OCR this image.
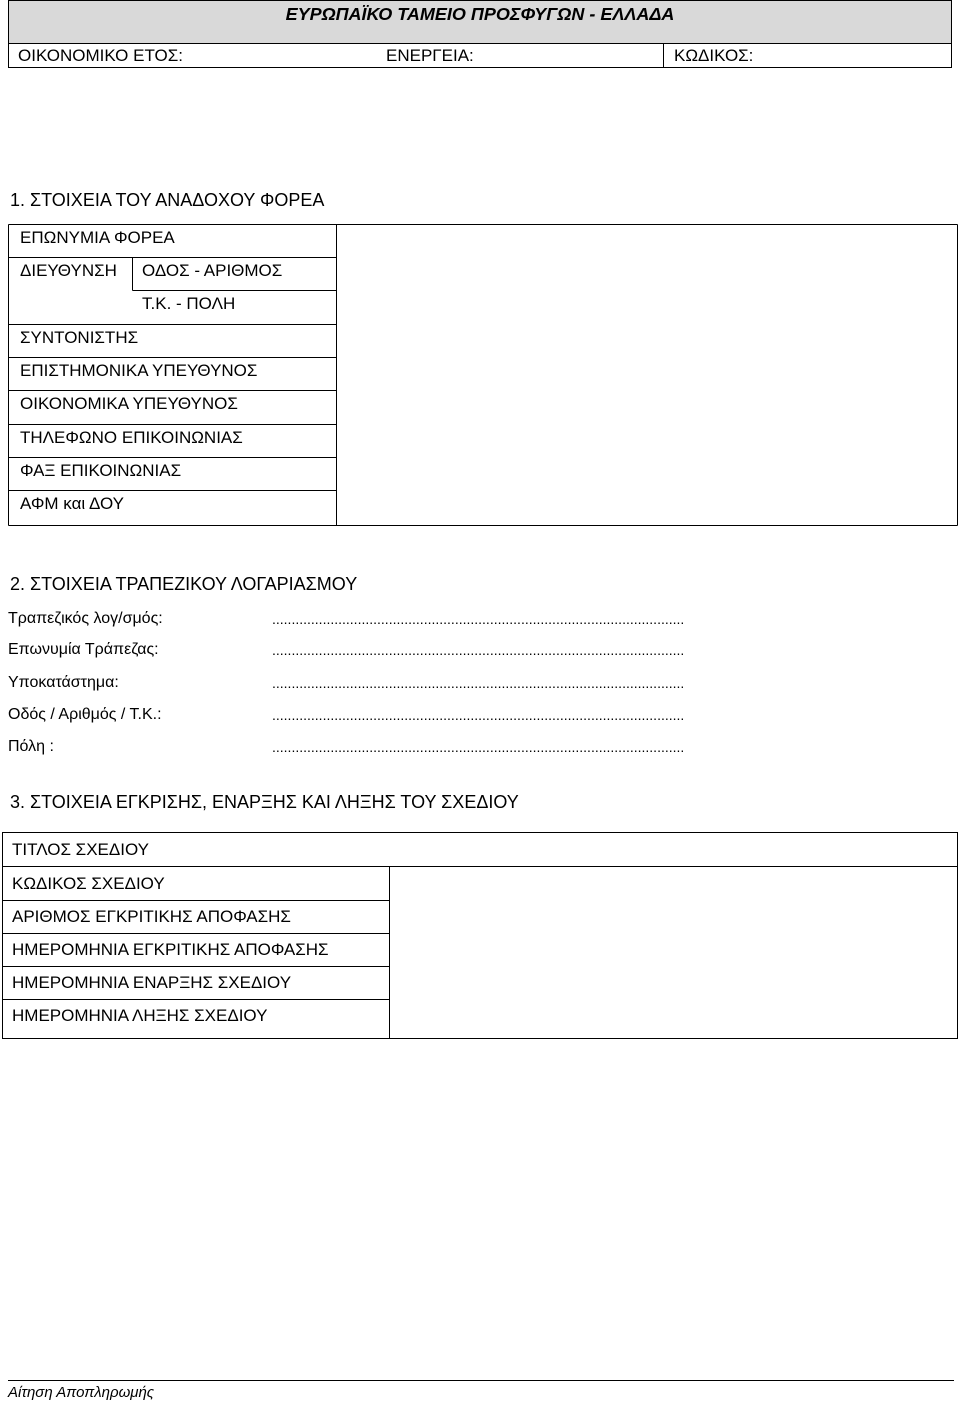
ΕΥΡΩΠΑΪΚΟ ΤΑΜΕΙΟ ΠΡΟΣΦΥΓΩΝ - ΕΛΛΑΔΑ
ΟΙΚΟΝΟΜΙΚΟ ΕΤΟΣ:	ΕΝΕΡΓΕΙΑ:	ΚΩΔΙΚΟΣ:
1. ΣΤΟΙΧΕΙΑ ΤΟΥ ΑΝΑΔΟΧΟΥ ΦΟΡΕΑ
ΕΠΩΝΥΜΙΑ ΦΟΡΕΑ
ΔΙΕΥΘΥΝΣΗ ΟΔΟΣ - ΑΡΙΘΜΟΣ
Τ.Κ. - ΠΟΛΗ
ΣΥΝΤΟΝΙΣΤΗΣ
ΕΠΙΣΤΗΜΟΝΙΚΑ ΥΠΕΥΘΥΝΟΣ
ΟΙΚΟΝΟΜΙΚΑ ΥΠΕΥΘΥΝΟΣ
ΤΗΛΕΦΩΝΟ ΕΠΙΚΟΙΝΩΝΙΑΣ
ΦΑΞ ΕΠΙΚΟΙΝΩΝΙΑΣ
ΑΦΜ και ΔΟΥ
2. ΣΤΟΙΧΕΙΑ ΤΡΑΠΕΖΙΚΟΥ ΛΟΓΑΡΙΑΣΜΟΥ
Τραπεζικός λογ/σμός:	..........................................................................................................
Επωνυμία Τράπεζας:	..........................................................................................................
Υποκατάστημα:	..........................................................................................................
Οδός / Αριθμός / Τ.Κ.:	..........................................................................................................
Πόλη :	..........................................................................................................
3. ΣΤΟΙΧΕΙΑ ΕΓΚΡΙΣΗΣ, ΕΝΑΡΞΗΣ ΚΑΙ ΛΗΞΗΣ ΤΟΥ ΣΧΕΔΙΟΥ
ΤΙΤΛΟΣ ΣΧΕΔΙΟΥ
ΚΩΔΙΚΟΣ ΣΧΕΔΙΟΥ
ΑΡΙΘΜΟΣ ΕΓΚΡΙΤΙΚΗΣ ΑΠΟΦΑΣΗΣ
ΗΜΕΡΟΜΗΝΙΑ ΕΓΚΡΙΤΙΚΗΣ ΑΠΟΦΑΣΗΣ
ΗΜΕΡΟΜΗΝΙΑ ΕΝΑΡΞΗΣ ΣΧΕΔΙΟΥ
ΗΜΕΡΟΜΗΝΙΑ ΛΗΞΗΣ ΣΧΕΔΙΟΥ
Αίτηση Αποπληρωμής
